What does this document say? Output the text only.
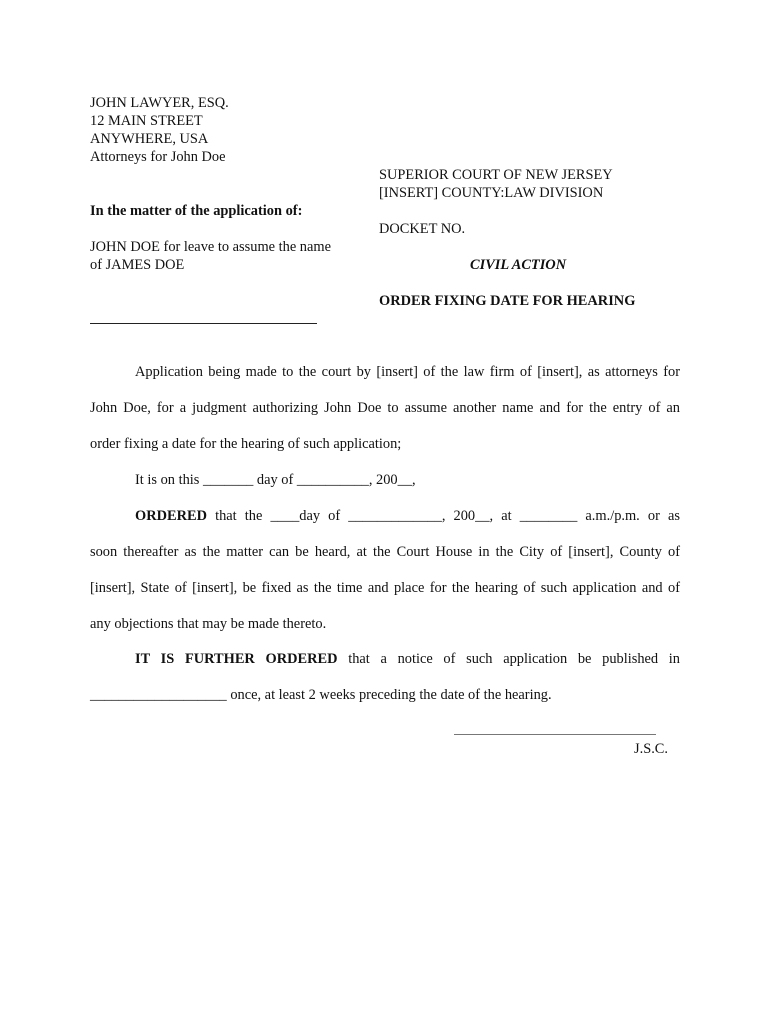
JOHN LAWYER, ESQ.
12 MAIN STREET
ANYWHERE, USA
Attorneys for John Doe
SUPERIOR COURT OF NEW JERSEY
[INSERT] COUNTY:LAW DIVISION
DOCKET NO.
CIVIL ACTION
ORDER FIXING DATE FOR HEARING
In the matter of the application of:
JOHN DOE for leave to assume the name
of JAMES DOE
Application being made to the court by [insert] of the law firm of [insert], as attorneys for
John Doe, for a judgment authorizing John Doe to assume another name and for the entry of an
order fixing a date for the hearing of such application;
It is on this _______ day of __________, 200__,
ORDERED that the ____day of _____________, 200__, at ________ a.m./p.m. or as
soon thereafter as the matter can be heard, at the Court House in the City of [insert], County of
[insert], State of [insert], be fixed as the time and place for the hearing of such application and of
any objections that may be made thereto.
IT IS FURTHER ORDERED that a notice of such application be published in
___________________ once, at least 2 weeks preceding the date of the hearing.
J.S.C.
